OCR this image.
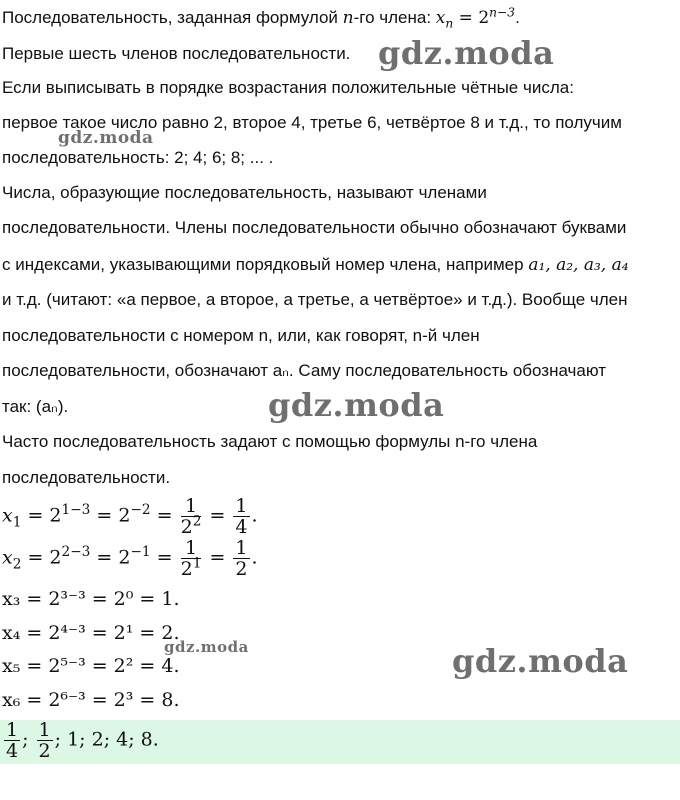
Последовательность, заданная формулой n-го члена: $x_n = 2^{n-3}$.
Первые шесть членов последовательности.
Если выписывать в порядке возрастания положительные чётные числа:
первое такое число равно 2, второе 4, третье 6, четвёртое 8 и т.д., то получим
последовательность: 2; 4; 6; 8; ... .
Числа, образующие последовательность, называют членами
последовательности. Члены последовательности обычно обозначают буквами
с индексами, указывающими порядковый номер члена, например a₁, a₂, a₃, a₄
и т.д. (читают: «a первое, a второе, a третье, a четвёртое» и т.д.). Вообще член
последовательности с номером n, или, как говорят, n-й член
последовательности, обозначают aₙ. Саму последовательность обозначают
так: (aₙ).
Часто последовательность задают с помощью формулы n-го члена
последовательности.
$x_1 = 2^{1-3} = 2^{-2} = \frac{1}{2^2} = \frac{1}{4}$ .
$x_2 = 2^{2-3} = 2^{-1} = \frac{1}{2^1} = \frac{1}{2}$ .
x₃ = 2³⁻³ = 2⁰ = 1.
x₄ = 2⁴⁻³ = 2¹ = 2.
x₅ = 2⁵⁻³ = 2² = 4.
x₆ = 2⁶⁻³ = 2³ = 8.
$\frac{1}{4}$ ; $\frac{1}{2}$ ; 1; 2; 4; 8.
gdz.moda
gdz.moda
gdz.moda
gdz.moda	gdz.moda
